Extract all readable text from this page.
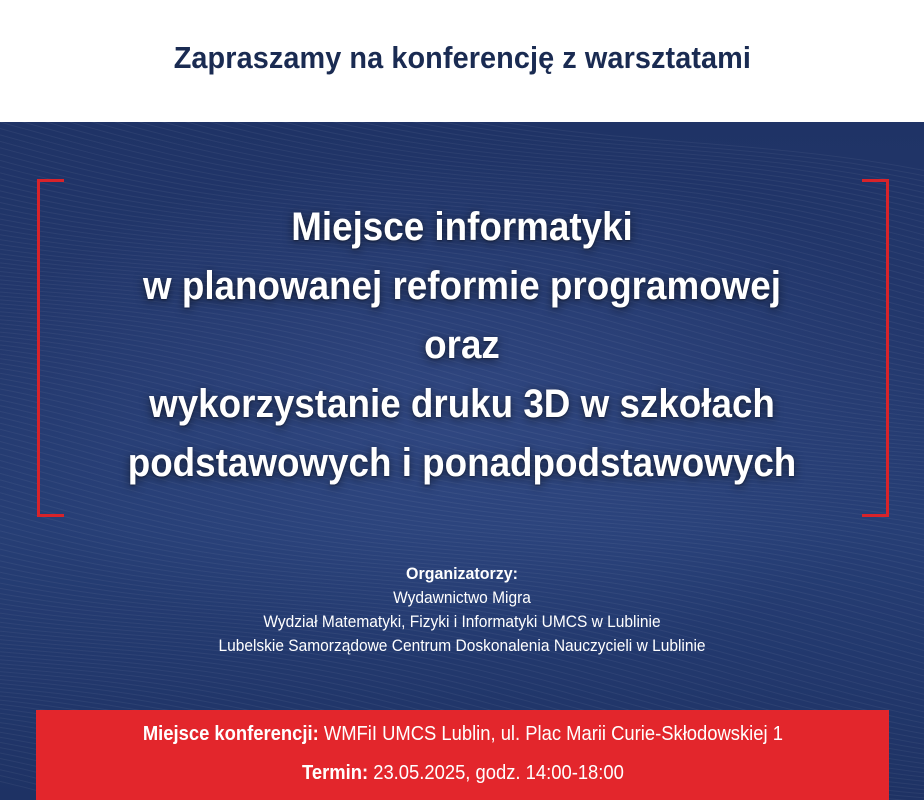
Zapraszamy na konferencję z warsztatami
Miejsce informatyki
w planowanej reformie programowej
oraz
wykorzystanie druku 3D w szkołach
podstawowych i ponadpodstawowych
Organizatorzy:
Wydawnictwo Migra
Wydział Matematyki, Fizyki i Informatyki UMCS w Lublinie
Lubelskie Samorządowe Centrum Doskonalenia Nauczycieli w Lublinie
Miejsce konferencji: WMFiI UMCS Lublin, ul. Plac Marii Curie-Skłodowskiej 1
Termin: 23.05.2025, godz. 14:00-18:00
